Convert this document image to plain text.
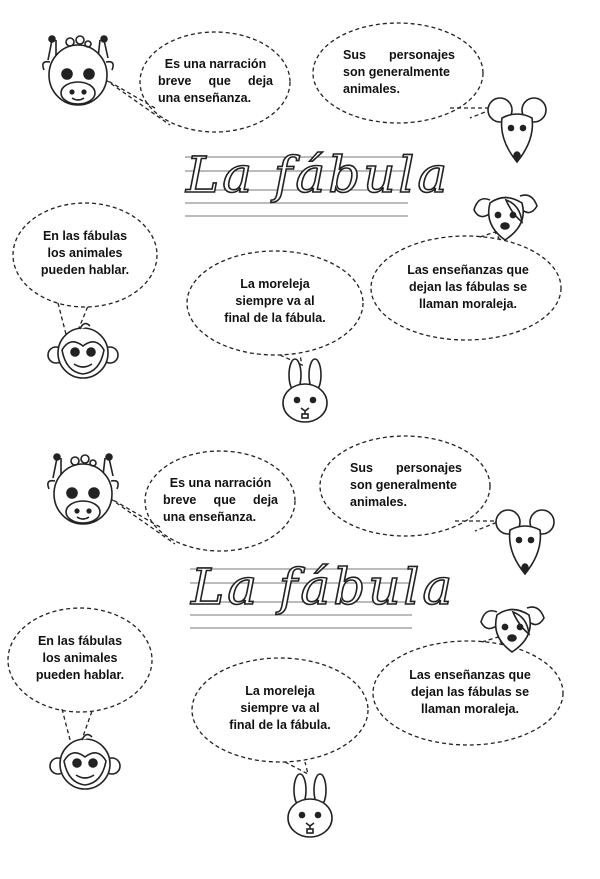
La fábula
Es una narración
breve que deja
una enseñanza.
Sus personajes
son generalmente
animales.
En las fábulas
los animales
pueden hablar.
La moreleja
siempre va al
final de la fábula.
Las enseñanzas que
dejan las fábulas se
llaman moraleja.
La fábula
Es una narración
breve que deja
una enseñanza.
Sus personajes
son generalmente
animales.
En las fábulas
los animales
pueden hablar.
La moreleja
siempre va al
final de la fábula.
Las enseñanzas que
dejan las fábulas se
llaman moraleja.
